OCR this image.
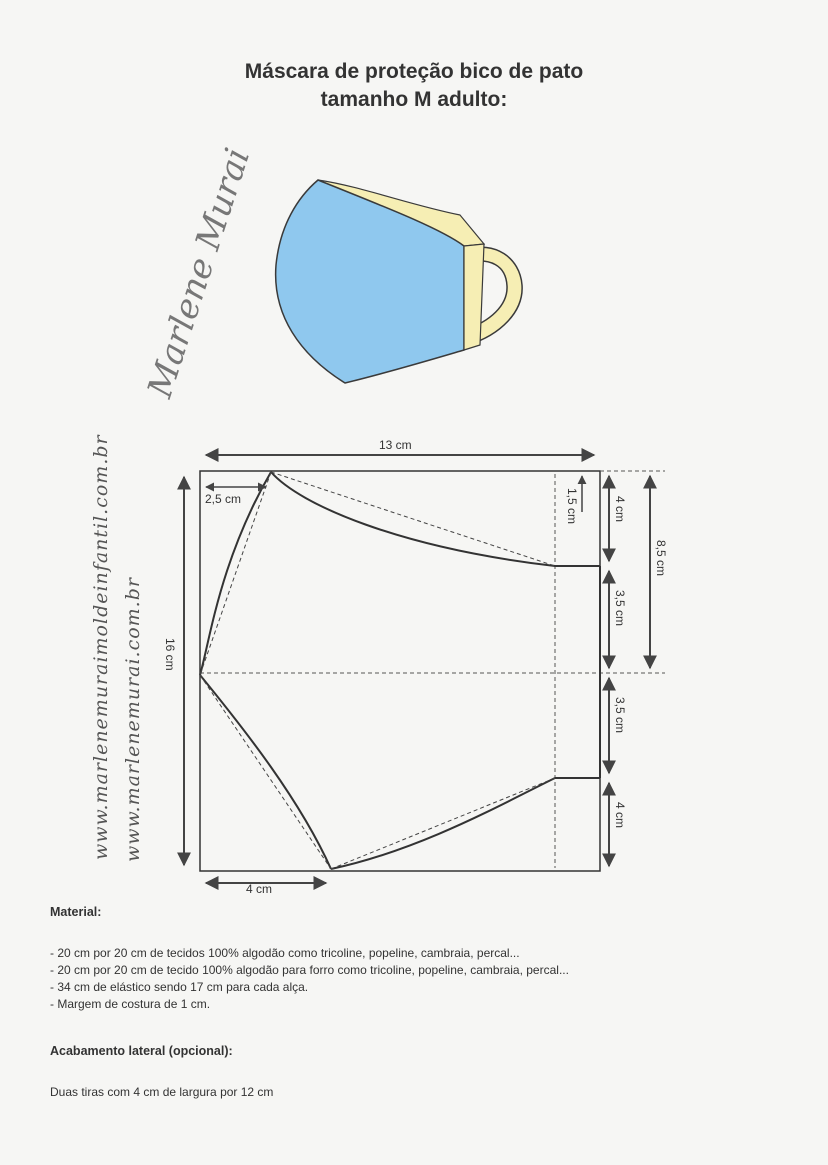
Máscara de proteção bico de pato
tamanho M adulto:
Marlene Murai
www.marlenemuraimoldeinfantil.com.br www.marlenemurai.com.br
13 cm
2,5 cm
4 cm
16 cm
1,5 cm	4 cm
3,5 cm
3,5 cm
4 cm
8,5 cm
Material:
- 20 cm por 20 cm de tecidos 100% algodão como tricoline, popeline, cambraia, percal...
- 20 cm por 20 cm de tecido 100% algodão para forro como tricoline, popeline, cambraia, percal...
- 34 cm de elástico sendo 17 cm para cada alça.
- Margem de costura de 1 cm.
Acabamento lateral (opcional):
Duas tiras com 4 cm de largura por 12 cm
